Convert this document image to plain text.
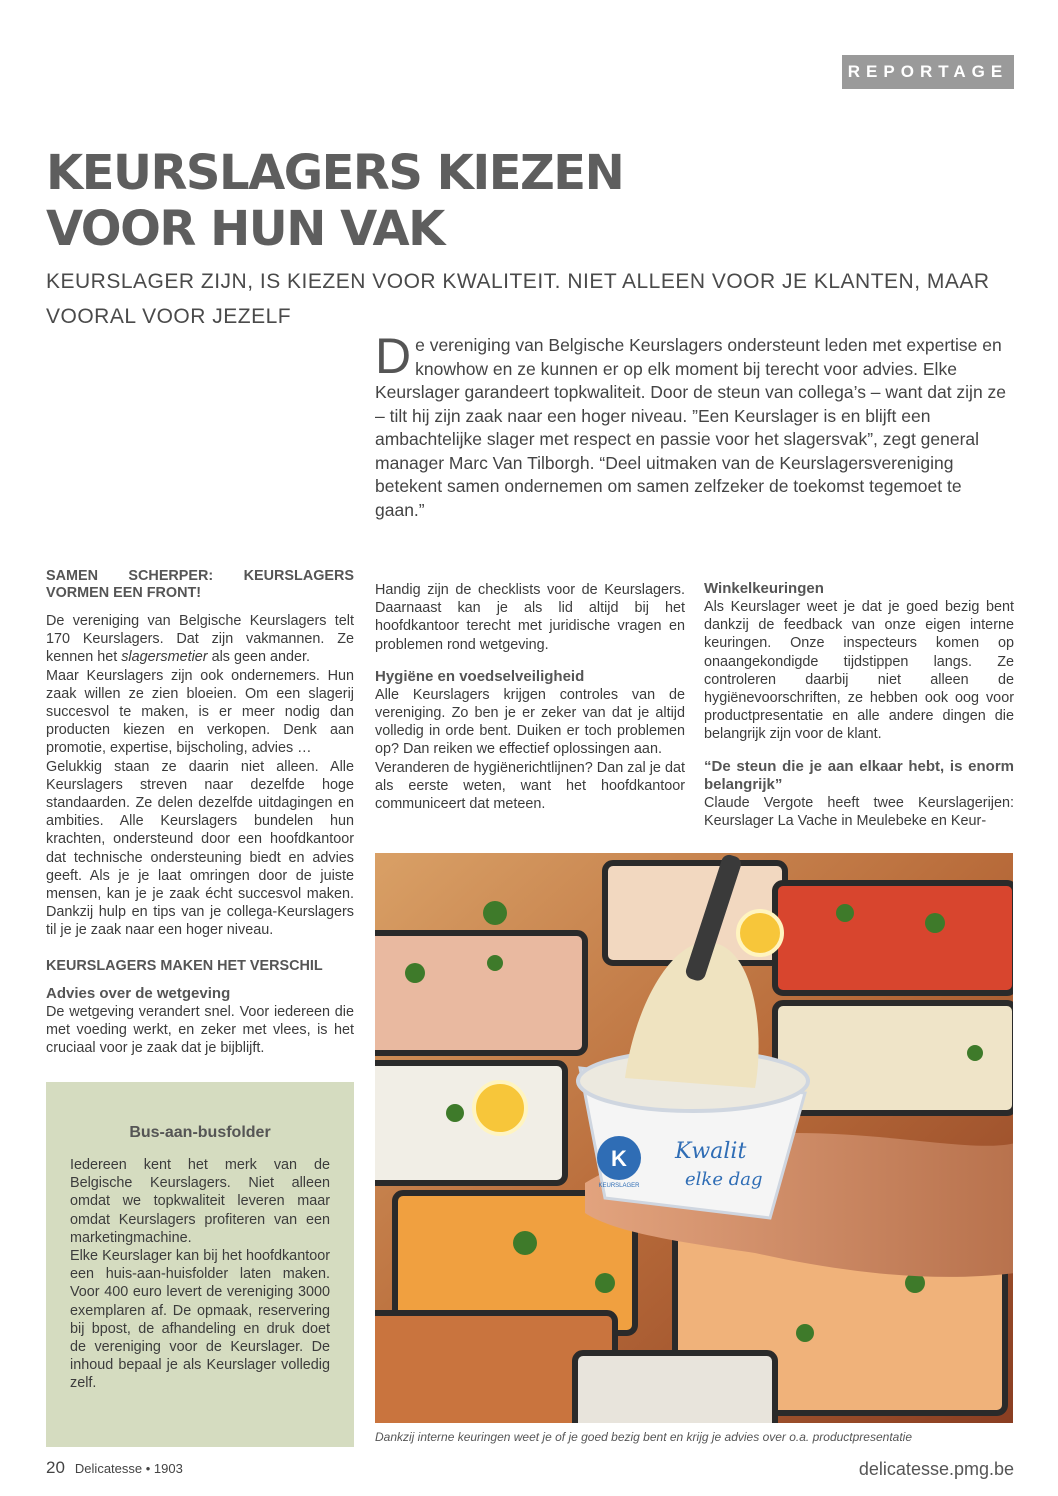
REPORTAGE
KEURSLAGERS KIEZEN
VOOR HUN VAK

KEURSLAGER ZIJN, IS KIEZEN VOOR KWALITEIT. NIET ALLEEN VOOR JE KLANTEN, MAAR VOORAL VOOR JEZELF

De vereniging van Belgische Keurslagers ondersteunt leden met expertise en knowhow en ze kunnen er op elk moment bij terecht voor advies. Elke Keurslager garandeert topkwaliteit. Door de steun van collega’s – want dat zijn ze – tilt hij zijn zaak naar een hoger niveau. ”Een Keurslager is en blijft een ambachtelijke slager met respect en passie voor het slagersvak”, zegt general manager Marc Van Tilborgh. “Deel uitmaken van de Keurslagersvereniging betekent samen ondernemen om samen zelfzeker de toekomst tegemoet te gaan.”

SAMEN SCHERPER: KEURSLAGERS VORMEN EEN FRONT!

De vereniging van Belgische Keurslagers telt 170 Keurslagers. Dat zijn vakmannen. Ze kennen het slagersmetier als geen ander.

Maar Keurslagers zijn ook ondernemers. Hun zaak willen ze zien bloeien. Om een slagerij succesvol te maken, is er meer nodig dan producten kiezen en verkopen. Denk aan promotie, expertise, bijscholing, advies …

Gelukkig staan ze daarin niet alleen. Alle Keurslagers streven naar dezelfde hoge standaarden. Ze delen dezelfde uitdagingen en ambities. Alle Keurslagers bundelen hun krachten, ondersteund door een hoofdkantoor dat technische ondersteuning biedt en advies geeft. Als je je laat omringen door de juiste mensen, kan je je zaak écht succesvol maken. Dankzij hulp en tips van je collega-Keurslagers til je je zaak naar een hoger niveau.

KEURSLAGERS MAKEN HET VERSCHIL
Advies over de wetgeving

De wetgeving verandert snel. Voor iedereen die met voeding werkt, en zeker met vlees, is het cruciaal voor je zaak dat je bijblijft.

Handig zijn de checklists voor de Keurslagers. Daarnaast kan je als lid altijd bij het hoofdkantoor terecht met juridische vragen en problemen rond wetgeving.

Hygiëne en voedselveiligheid

Alle Keurslagers krijgen controles van de vereniging. Zo ben je er zeker van dat je altijd volledig in orde bent. Duiken er toch problemen op? Dan reiken we effectief oplossingen aan.

Veranderen de hygiënerichtlijnen? Dan zal je dat als eerste weten, want het hoofdkantoor communiceert dat meteen.

Winkelkeuringen

Als Keurslager weet je dat je goed bezig bent dankzij de feedback van onze eigen interne keuringen. Onze inspecteurs komen op onaangekondigde tijdstippen langs. Ze controleren daarbij niet alleen de hygiënevoorschriften, ze hebben ook oog voor productpresentatie en alle andere dingen die belangrijk zijn voor de klant.

“De steun die je aan elkaar hebt, is enorm belangrijk”

Claude Vergote heeft twee Keurslagerijen: Keurslager La Vache in Meulebeke en Keur-

Bus-aan-busfolder

Iedereen kent het merk van de Belgische Keurslagers. Niet alleen omdat we topkwaliteit leveren maar omdat Keurslagers profiteren van een marketingmachine.

Elke Keurslager kan bij het hoofdkantoor een huis-aan-huisfolder laten maken. Voor 400 euro levert de vereniging 3000 exemplaren af. De opmaak, reservering bij bpost, de afhandeling en druk doet de vereniging voor de Keurslager. De inhoud bepaal je als Keurslager volledig zelf.

K
KEURSLAGER
Kwalit
elke dag

Dankzij interne keuringen weet je of je goed bezig bent en krijg je advies over o.a. productpresentatie

20 Delicatesse • 1903	delicatesse.pmg.be
